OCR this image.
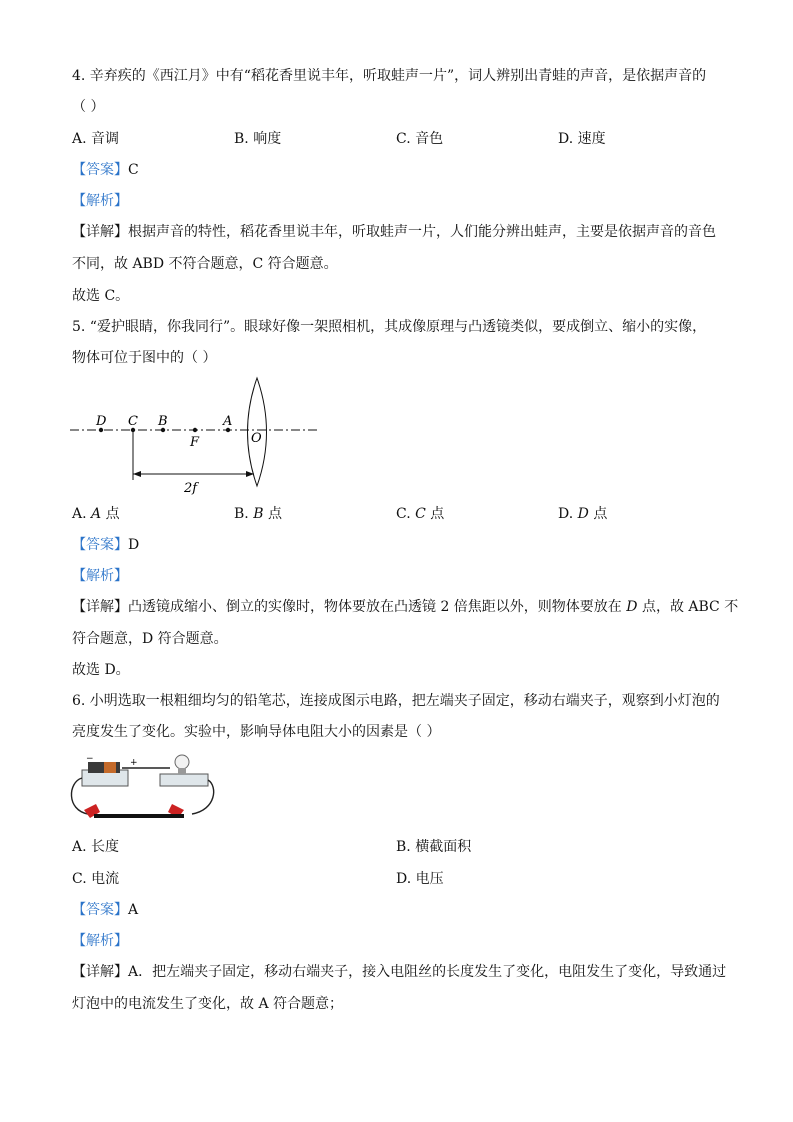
4. 辛弃疾的《西江月》中有“稻花香里说丰年，听取蛙声一片”，词人辨别出青蛙的声音，是依据声音的
（ ）
A. 音调	B. 响度	C. 音色	D. 速度
【答案】C
【解析】
【详解】根据声音的特性，稻花香里说丰年，听取蛙声一片，人们能分辨出蛙声，主要是依据声音的音色
不同，故 ABD 不符合题意，C 符合题意。
故选 C。
5. “爱护眼睛，你我同行”。眼球好像一架照相机，其成像原理与凸透镜类似，要成倒立、缩小的实像，
物体可位于图中的（ ）
D C B
F
A
O
2f
A. A 点	B. B 点	C. C 点	D. D 点
【答案】D
【解析】
【详解】凸透镜成缩小、倒立的实像时，物体要放在凸透镜 2 倍焦距以外，则物体要放在 D 点，故 ABC 不
符合题意，D 符合题意。
故选 D。
6. 小明选取一根粗细均匀的铅笔芯，连接成图示电路，把左端夹子固定，移动右端夹子，观察到小灯泡的
亮度发生了变化。实验中，影响导体电阻大小的因素是（ ）
−	+
A. 长度	B. 横截面积
C. 电流	D. 电压
【答案】A
【解析】
【详解】A．把左端夹子固定，移动右端夹子，接入电阻丝的长度发生了变化，电阻发生了变化，导致通过
灯泡中的电流发生了变化，故 A 符合题意；
